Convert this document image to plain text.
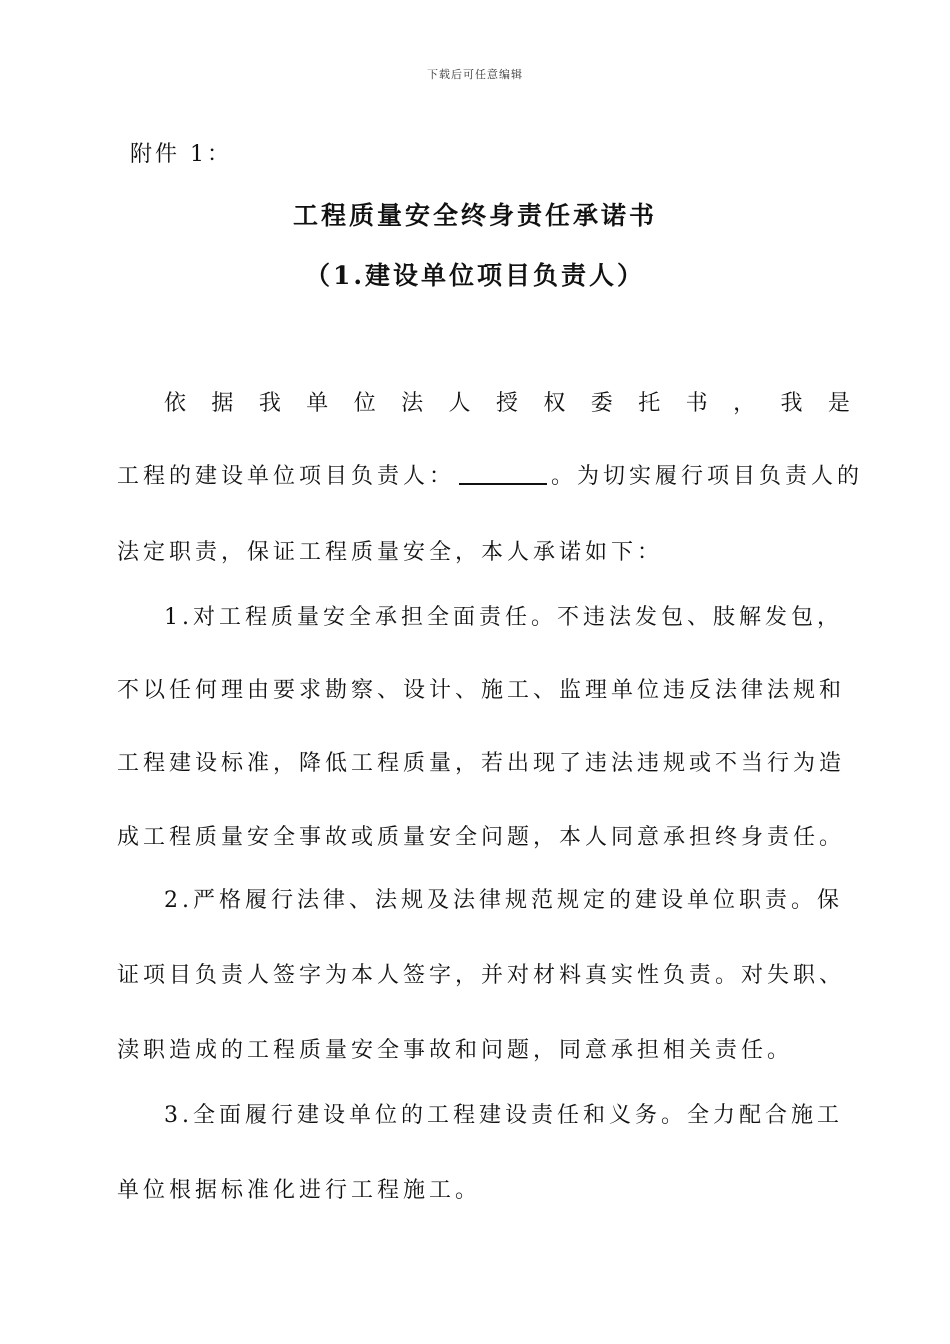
下载后可任意编辑
附件 1：
工程质量安全终身责任承诺书
（1.建设单位项目负责人）
依 据 我 单 位 法 人 授 权 委 托 书 ， 我 是
工程的建设单位项目负责人：	。为切实履行项目负责人的
法定职责，保证工程质量安全，本人承诺如下：
1.对工程质量安全承担全面责任。不违法发包、肢解发包，
不以任何理由要求勘察、设计、施工、监理单位违反法律法规和
工程建设标准，降低工程质量，若出现了违法违规或不当行为造
成工程质量安全事故或质量安全问题，本人同意承担终身责任。
2.严格履行法律、法规及法律规范规定的建设单位职责。保
证项目负责人签字为本人签字，并对材料真实性负责。对失职、
渎职造成的工程质量安全事故和问题，同意承担相关责任。
3.全面履行建设单位的工程建设责任和义务。全力配合施工
单位根据标准化进行工程施工。
